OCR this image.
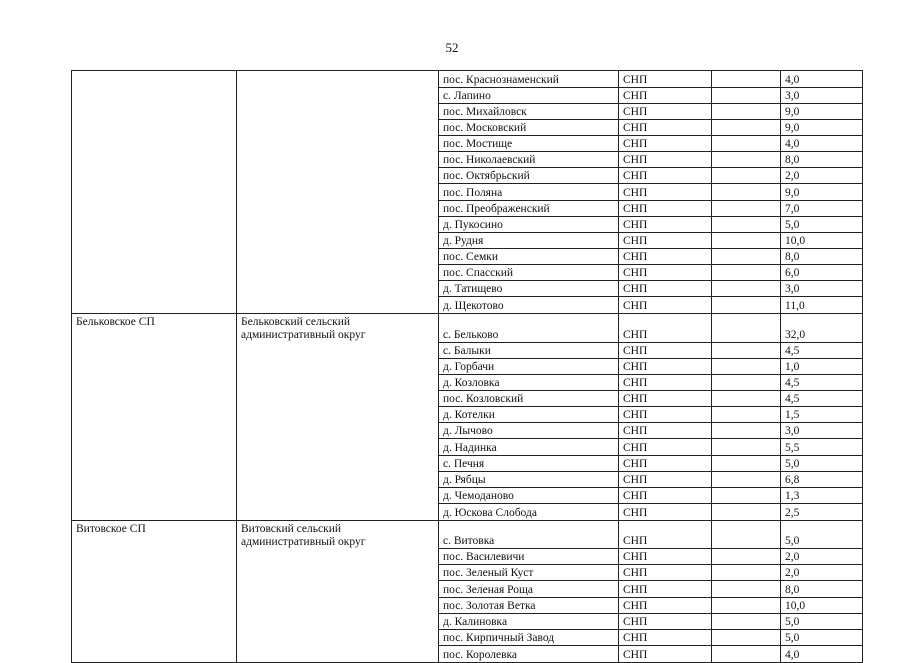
52
		пос. Краснознаменский	СНП		4,0
		с. Лапино	СНП		3,0
		пос. Михайловск	СНП		9,0
		пос. Московский	СНП		9,0
		пос. Мостище	СНП		4,0
		пос. Николаевский	СНП		8,0
		пос. Октябрьский	СНП		2,0
		пос. Поляна	СНП		9,0
		пос. Преображенский	СНП		7,0
		д. Пукосино	СНП		5,0
		д. Рудня	СНП		10,0
		пос. Семки	СНП		8,0
		пос. Спасский	СНП		6,0
		д. Татищево	СНП		3,0
		д. Щекотово	СНП		11,0
Бельковское СП	Бельковский сельский административный округ	с. Бельково	СНП		32,0
		с. Балыки	СНП		4,5
		д. Горбачи	СНП		1,0
		д. Козловка	СНП		4,5
		пос. Козловский	СНП		4,5
		д. Котелки	СНП		1,5
		д. Лычово	СНП		3,0
		д. Надинка	СНП		5,5
		с. Печня	СНП		5,0
		д. Рябцы	СНП		6,8
		д. Чемоданово	СНП		1,3
		д. Юскова Слобода	СНП		2,5
Витовское СП	Витовский сельский административный округ	с. Витовка	СНП		5,0
		пос. Василевичи	СНП		2,0
		пос. Зеленый Куст	СНП		2,0
		пос. Зеленая Роща	СНП		8,0
		пос. Золотая Ветка	СНП		10,0
		д. Калиновка	СНП		5,0
		пос. Кирпичный Завод	СНП		5,0
		пос. Королевка	СНП		4,0
